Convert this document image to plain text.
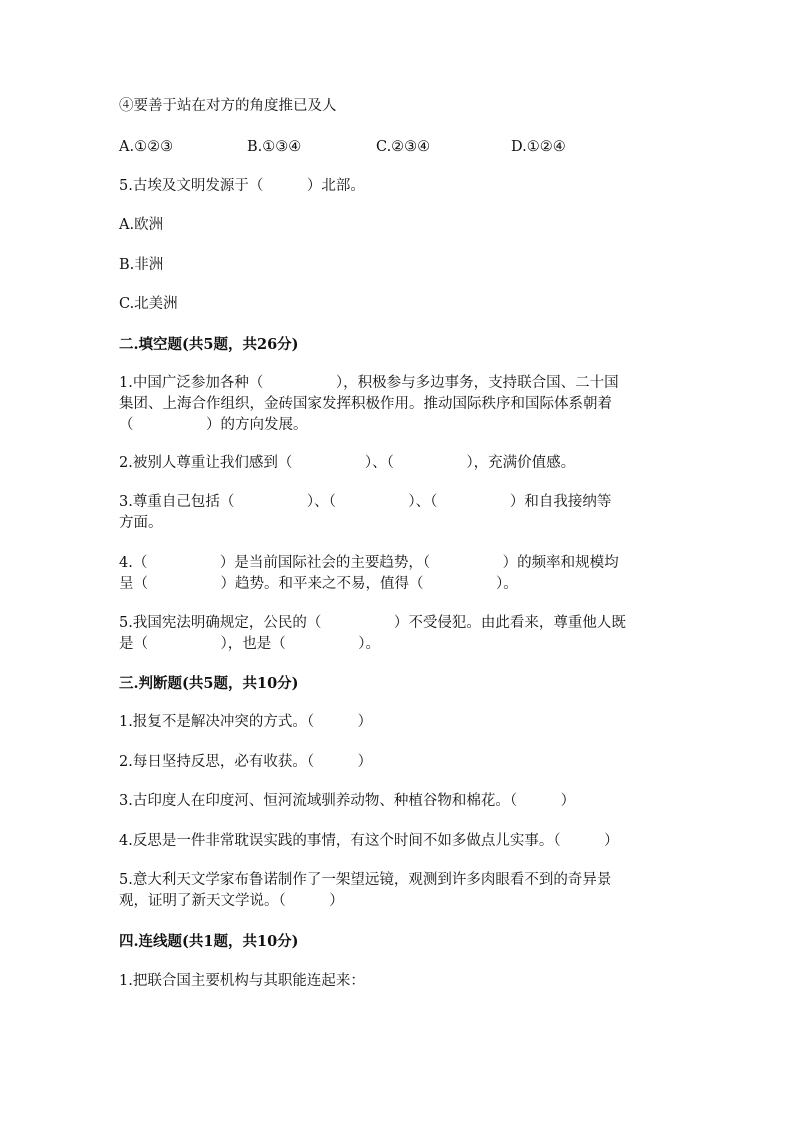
④要善于站在对方的角度推已及人
A.①②③	B.①③④	C.②③④	D.①②④
5.古埃及文明发源于（　　　）北部。
A.欧洲
B.非洲
C.北美洲
二.填空题(共5题，共26分)
1.中国广泛参加各种（　　　　　），积极参与多边事务，支持联合国、二十国
集团、上海合作组织，金砖国家发挥积极作用。推动国际秩序和国际体系朝着
（　　　　　）的方向发展。
2.被别人尊重让我们感到（　　　　　）、（　　　　　），充满价值感。
3.尊重自己包括（　　　　　）、（　　　　　）、（　　　　　）和自我接纳等
方面。
4.（　　　　　）是当前国际社会的主要趋势，（　　　　　）的频率和规模均
呈（　　　　　）趋势。和平来之不易，值得（　　　　　）。
5.我国宪法明确规定，公民的（　　　　　）不受侵犯。由此看来，尊重他人既
是（　　　　　），也是（　　　　　）。
三.判断题(共5题，共10分)
1.报复不是解决冲突的方式。（　　　）
2.每日坚持反思，必有收获。（　　　）
3.古印度人在印度河、恒河流域驯养动物、种植谷物和棉花。（　　　）
4.反思是一件非常耽误实践的事情，有这个时间不如多做点儿实事。（　　　）
5.意大利天文学家布鲁诺制作了一架望远镜，观测到许多肉眼看不到的奇异景
观，证明了新天文学说。（　　　）
四.连线题(共1题，共10分)
1.把联合国主要机构与其职能连起来：
